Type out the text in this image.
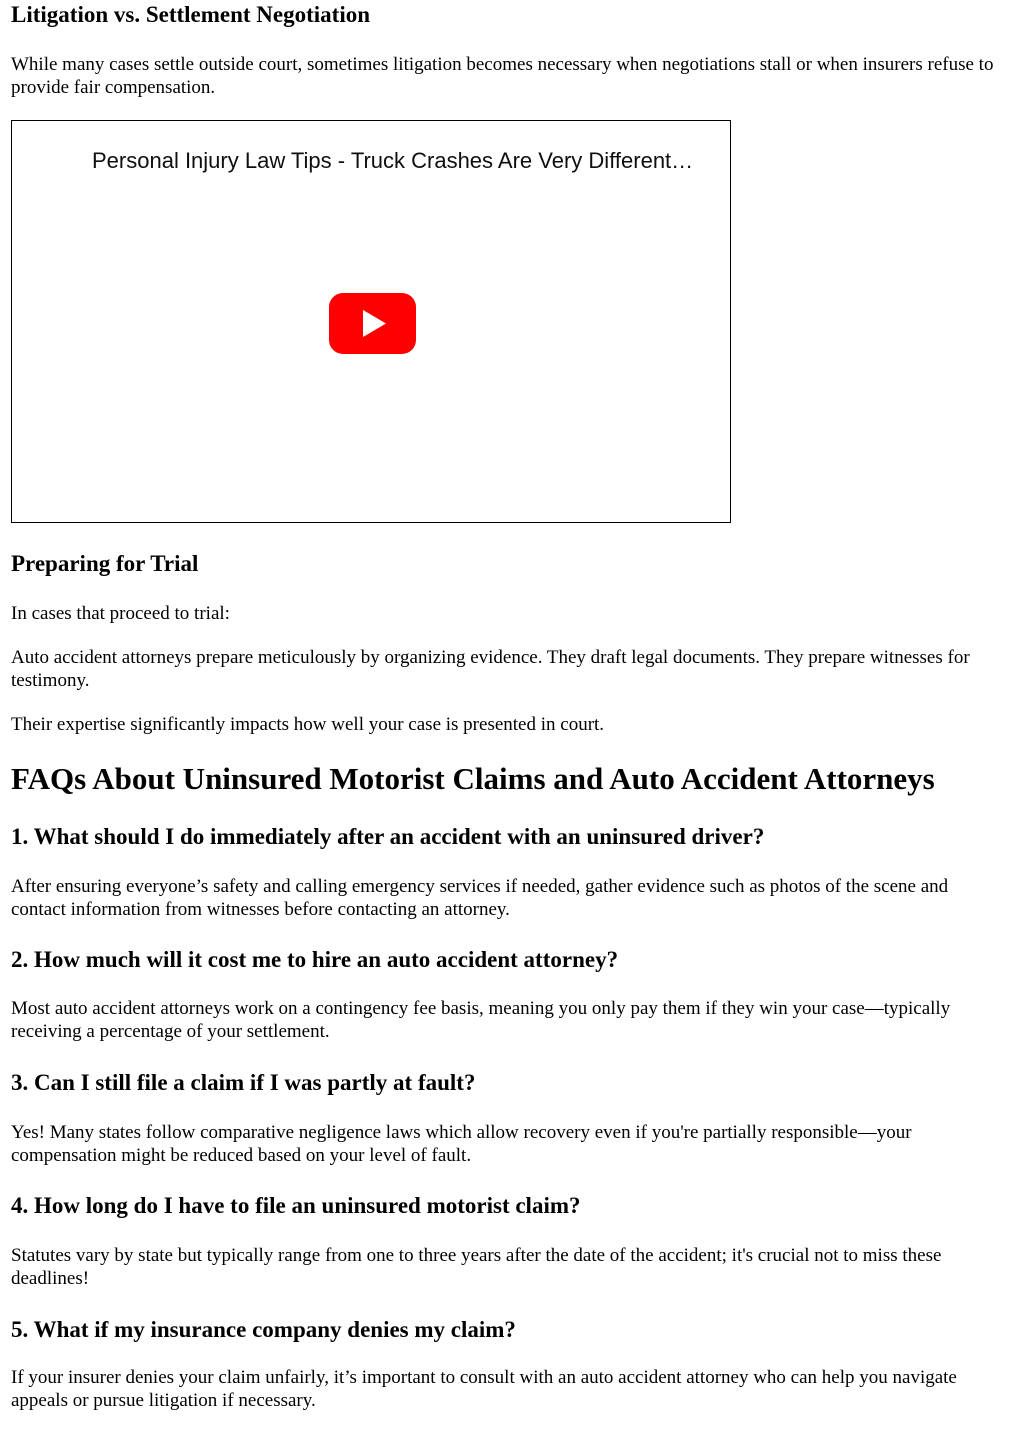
Litigation vs. Settlement Negotiation

While many cases settle outside court, sometimes litigation becomes necessary when negotiations stall or when insurers refuse to provide fair compensation.

Personal Injury Law Tips - Truck Crashes Are Very Different…
Preparing for Trial

In cases that proceed to trial:

Auto accident attorneys prepare meticulously by organizing evidence. They draft legal documents. They prepare witnesses for testimony.

Their expertise significantly impacts how well your case is presented in court.

FAQs About Uninsured Motorist Claims and Auto Accident Attorneys
1. What should I do immediately after an accident with an uninsured driver?

After ensuring everyone’s safety and calling emergency services if needed, gather evidence such as photos of the scene and contact information from witnesses before contacting an attorney.

2. How much will it cost me to hire an auto accident attorney?

Most auto accident attorneys work on a contingency fee basis, meaning you only pay them if they win your case—typically receiving a percentage of your settlement.

3. Can I still file a claim if I was partly at fault?

Yes! Many states follow comparative negligence laws which allow recovery even if you're partially responsible—your compensation might be reduced based on your level of fault.

4. How long do I have to file an uninsured motorist claim?

Statutes vary by state but typically range from one to three years after the date of the accident; it's crucial not to miss these deadlines!

5. What if my insurance company denies my claim?

If your insurer denies your claim unfairly, it’s important to consult with an auto accident attorney who can help you navigate appeals or pursue litigation if necessary.
